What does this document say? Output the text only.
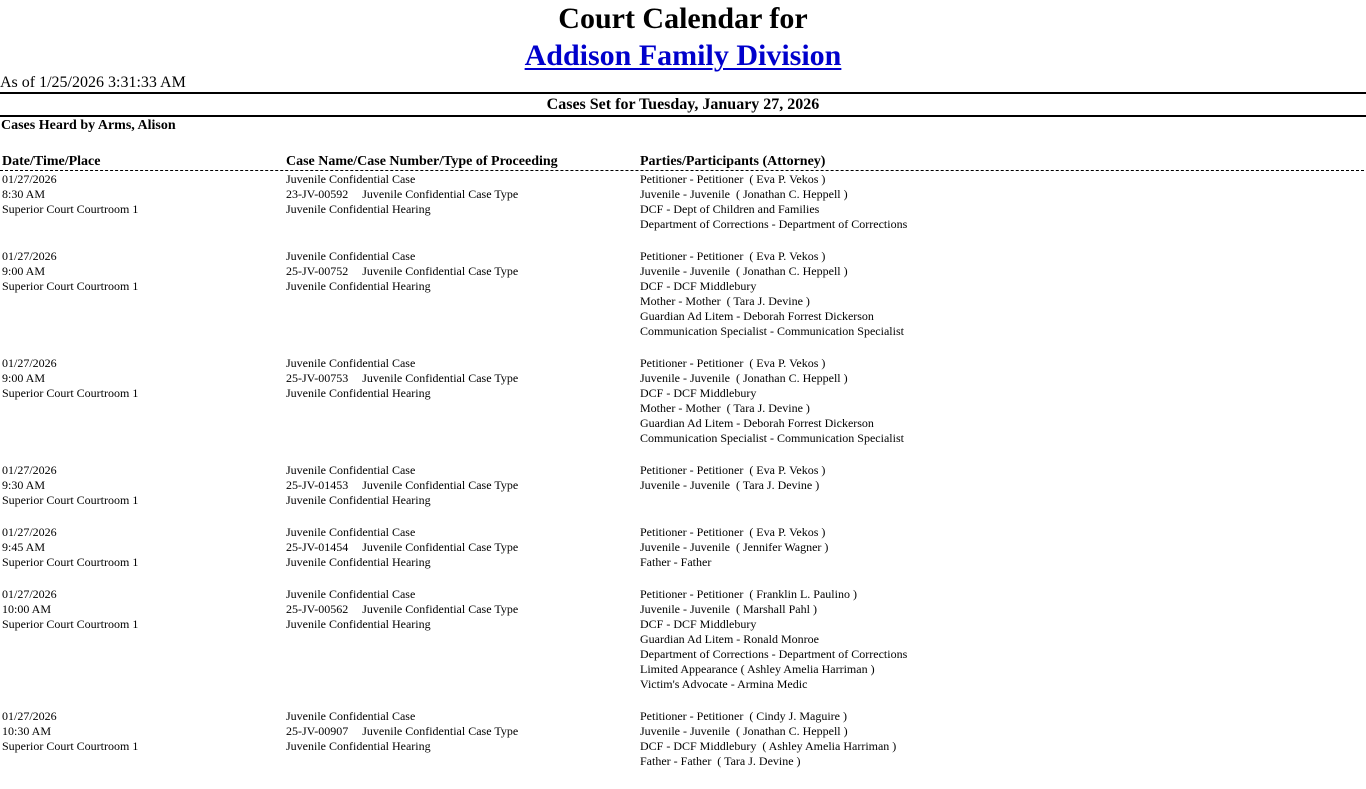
Court Calendar for
Addison Family Division
As of 1/25/2026 3:31:33 AM
Cases Set for Tuesday, January 27, 2026
Cases Heard by Arms, Alison
Date/Time/Place	Case Name/Case Number/Type of Proceeding	Parties/Participants (Attorney)
01/27/2026
8:30 AM
Superior Court Courtroom 1
Juvenile Confidential Case
23-JV-00592 Juvenile Confidential Case Type
Juvenile Confidential Hearing
Petitioner - Petitioner  ( Eva P. Vekos )
Juvenile - Juvenile  ( Jonathan C. Heppell )
DCF - Dept of Children and Families
Department of Corrections - Department of Corrections
01/27/2026
9:00 AM
Superior Court Courtroom 1
Juvenile Confidential Case
25-JV-00752 Juvenile Confidential Case Type
Juvenile Confidential Hearing
Petitioner - Petitioner  ( Eva P. Vekos )
Juvenile - Juvenile  ( Jonathan C. Heppell )
DCF - DCF Middlebury
Mother - Mother  ( Tara J. Devine )
Guardian Ad Litem - Deborah Forrest Dickerson
Communication Specialist - Communication Specialist
01/27/2026
9:00 AM
Superior Court Courtroom 1
Juvenile Confidential Case
25-JV-00753 Juvenile Confidential Case Type
Juvenile Confidential Hearing
Petitioner - Petitioner  ( Eva P. Vekos )
Juvenile - Juvenile  ( Jonathan C. Heppell )
DCF - DCF Middlebury
Mother - Mother  ( Tara J. Devine )
Guardian Ad Litem - Deborah Forrest Dickerson
Communication Specialist - Communication Specialist
01/27/2026
9:30 AM
Superior Court Courtroom 1
Juvenile Confidential Case
25-JV-01453 Juvenile Confidential Case Type
Juvenile Confidential Hearing
Petitioner - Petitioner  ( Eva P. Vekos )
Juvenile - Juvenile  ( Tara J. Devine )
01/27/2026
9:45 AM
Superior Court Courtroom 1
Juvenile Confidential Case
25-JV-01454 Juvenile Confidential Case Type
Juvenile Confidential Hearing
Petitioner - Petitioner  ( Eva P. Vekos )
Juvenile - Juvenile  ( Jennifer Wagner )
Father - Father
01/27/2026
10:00 AM
Superior Court Courtroom 1
Juvenile Confidential Case
25-JV-00562 Juvenile Confidential Case Type
Juvenile Confidential Hearing
Petitioner - Petitioner  ( Franklin L. Paulino )
Juvenile - Juvenile  ( Marshall Pahl )
DCF - DCF Middlebury
Guardian Ad Litem - Ronald Monroe
Department of Corrections - Department of Corrections
Limited Appearance ( Ashley Amelia Harriman )
Victim's Advocate - Armina Medic
01/27/2026
10:30 AM
Superior Court Courtroom 1
Juvenile Confidential Case
25-JV-00907 Juvenile Confidential Case Type
Juvenile Confidential Hearing
Petitioner - Petitioner  ( Cindy J. Maguire )
Juvenile - Juvenile  ( Jonathan C. Heppell )
DCF - DCF Middlebury  ( Ashley Amelia Harriman )
Father - Father  ( Tara J. Devine )
